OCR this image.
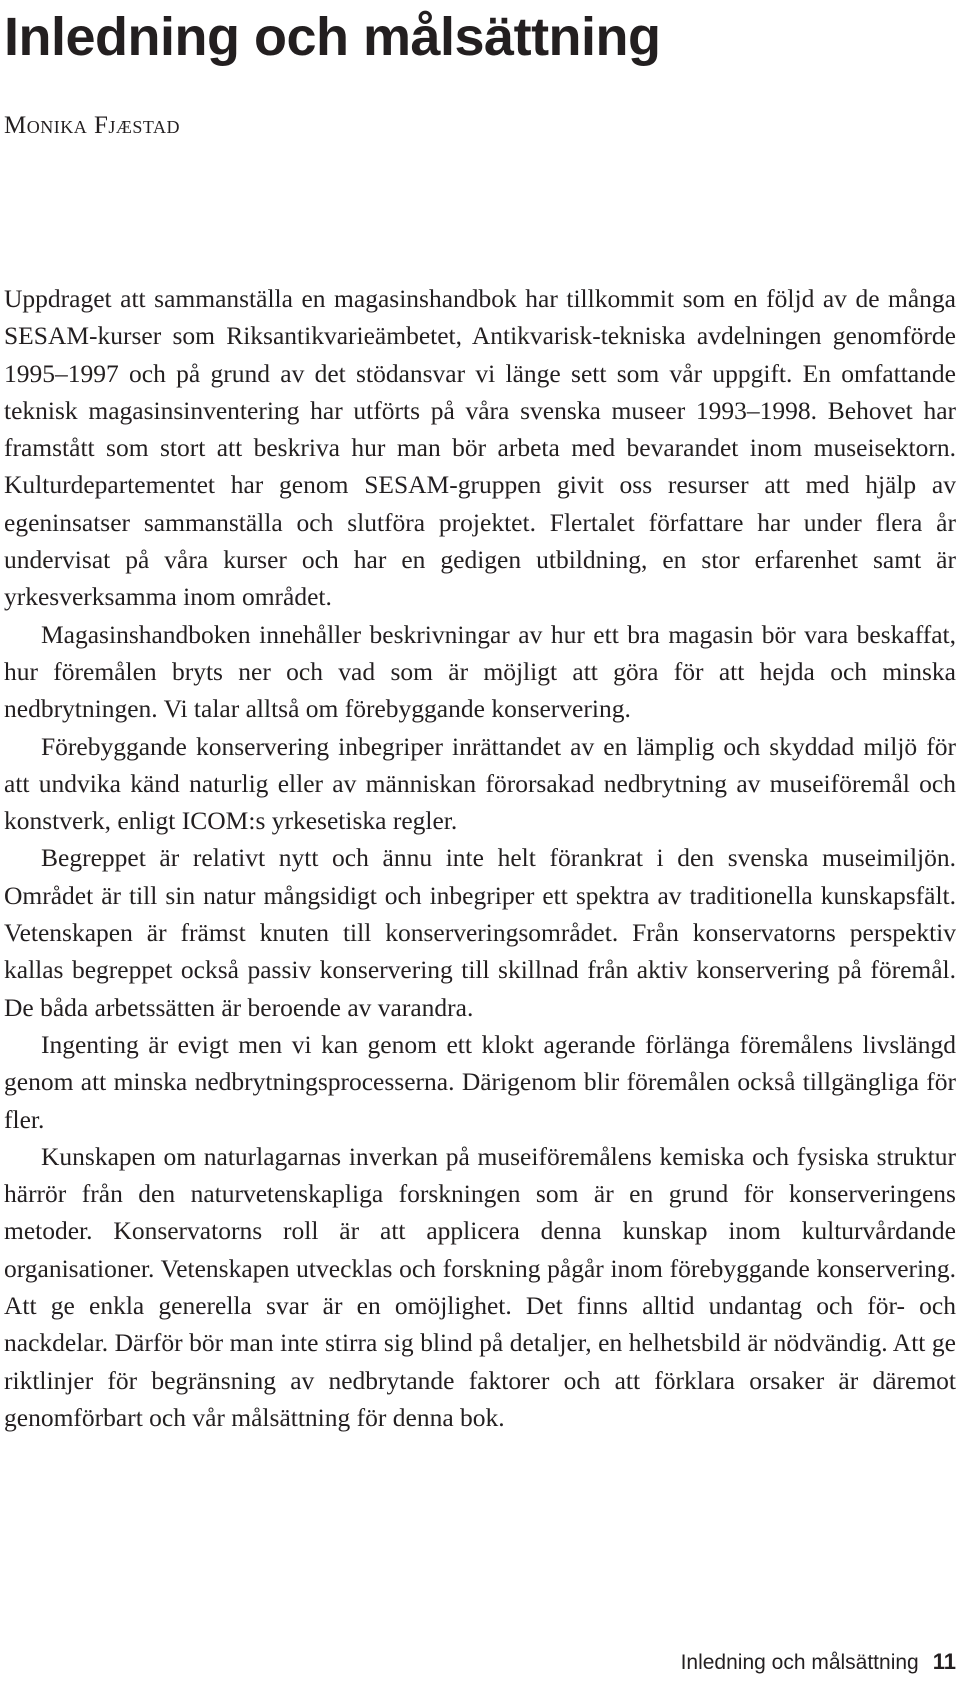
Inledning och målsättning

Monika Fjæstad

Uppdraget att sammanställa en magasinshandbok har tillkommit som en följd av de många SESAM-kurser som Riksantikvarieämbetet, Antikvarisk-tekniska avdelningen genomförde 1995–1997 och på grund av det stödansvar vi länge sett som vår uppgift. En omfattande teknisk magasinsinventering har utförts på våra svenska museer 1993–1998. Behovet har framstått som stort att beskriva hur man bör arbeta med bevarandet inom museisektorn. Kulturdepartementet har genom SESAM-gruppen givit oss resurser att med hjälp av egeninsatser sammanställa och slutföra projektet. Flertalet författare har under flera år undervisat på våra kurser och har en gedigen utbildning, en stor erfarenhet samt är yrkesverksamma inom området.

Magasinshandboken innehåller beskrivningar av hur ett bra magasin bör vara beskaffat, hur föremålen bryts ner och vad som är möjligt att göra för att hejda och minska nedbrytningen. Vi talar alltså om förebyggande konservering.

Förebyggande konservering inbegriper inrättandet av en lämplig och skyddad miljö för att undvika känd naturlig eller av människan förorsakad nedbrytning av museiföremål och konstverk, enligt ICOM:s yrkesetiska regler.

Begreppet är relativt nytt och ännu inte helt förankrat i den svenska museimiljön. Området är till sin natur mångsidigt och inbegriper ett spektra av traditionella kunskapsfält. Vetenskapen är främst knuten till konserveringsområdet. Från konservatorns perspektiv kallas begreppet också passiv konservering till skillnad från aktiv konservering på föremål. De båda arbetssätten är beroende av varandra.

Ingenting är evigt men vi kan genom ett klokt agerande förlänga föremålens livslängd genom att minska nedbrytningsprocesserna. Därigenom blir föremålen också tillgängliga för fler.

Kunskapen om naturlagarnas inverkan på museiföremålens kemiska och fysiska struktur härrör från den naturvetenskapliga forskningen som är en grund för konserveringens metoder. Konservatorns roll är att applicera denna kunskap inom kulturvårdande organisationer. Vetenskapen utvecklas och forskning pågår inom förebyggande konservering. Att ge enkla generella svar är en omöjlighet. Det finns alltid undantag och för- och nackdelar. Därför bör man inte stirra sig blind på detaljer, en helhetsbild är nödvändig. Att ge riktlinjer för begränsning av nedbrytande faktorer och att förklara orsaker är däremot genomförbart och vår målsättning för denna bok.

Inledning och målsättning 11
